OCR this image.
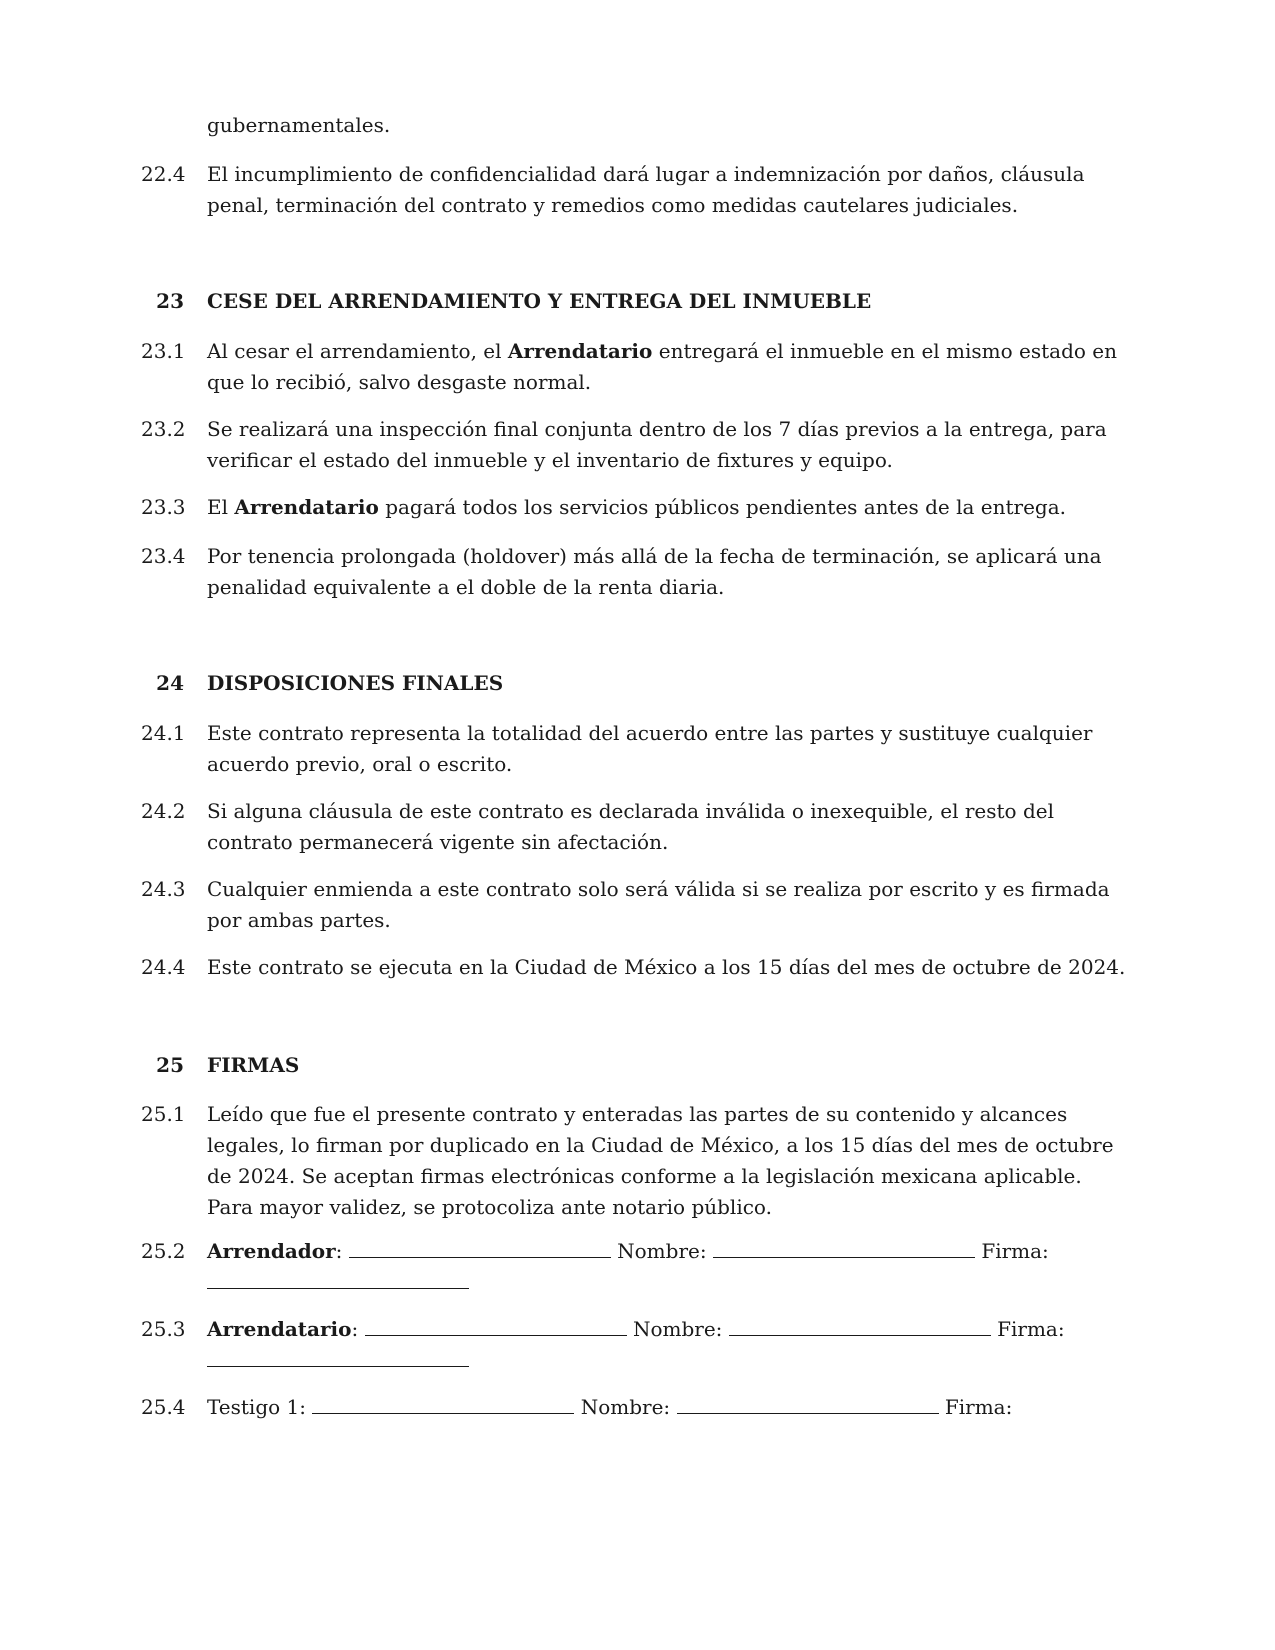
gubernamentales.
22.4 El incumplimiento de confidencialidad dará lugar a indemnización por daños, cláusula penal, terminación del contrato y remedios como medidas cautelares judiciales.
23 CESE DEL ARRENDAMIENTO Y ENTREGA DEL INMUEBLE
23.1 Al cesar el arrendamiento, el Arrendatario entregará el inmueble en el mismo estado en que lo recibió, salvo desgaste normal.
23.2 Se realizará una inspección final conjunta dentro de los 7 días previos a la entrega, para verificar el estado del inmueble y el inventario de fixtures y equipo.
23.3 El Arrendatario pagará todos los servicios públicos pendientes antes de la entrega.
23.4 Por tenencia prolongada (holdover) más allá de la fecha de terminación, se aplicará una penalidad equivalente a el doble de la renta diaria.
24 DISPOSICIONES FINALES
24.1 Este contrato representa la totalidad del acuerdo entre las partes y sustituye cualquier acuerdo previo, oral o escrito.
24.2 Si alguna cláusula de este contrato es declarada inválida o inexequible, el resto del contrato permanecerá vigente sin afectación.
24.3 Cualquier enmienda a este contrato solo será válida si se realiza por escrito y es firmada por ambas partes.
24.4 Este contrato se ejecuta en la Ciudad de México a los 15 días del mes de octubre de 2024.
25 FIRMAS
25.1 Leído que fue el presente contrato y enteradas las partes de su contenido y alcances legales, lo firman por duplicado en la Ciudad de México, a los 15 días del mes de octubre de 2024. Se aceptan firmas electrónicas conforme a la legislación mexicana aplicable. Para mayor validez, se protocoliza ante notario público.
25.2 Arrendador:	Nombre:	Firma:
25.3 Arrendatario:	Nombre:	Firma:
25.4 Testigo 1:	Nombre:	Firma:
